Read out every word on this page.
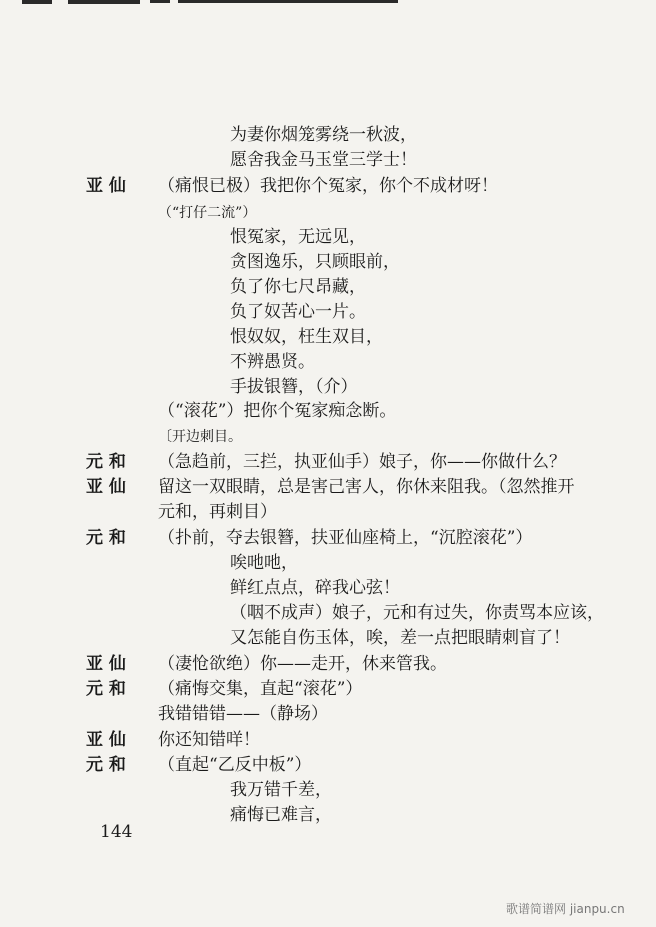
为妻你烟笼雾绕一秋波，
愿舍我金马玉堂三学士！
亚 仙 （痛恨已极）我把你个冤家，你个不成材呀！
（“打仔二流”）
恨冤家，无远见，
贪图逸乐，只顾眼前，
负了你七尺昂藏，
负了奴苦心一片。
恨奴奴，枉生双目，
不辨愚贤。
手拔银簪，（介）
（“滚花”）把你个冤家痴念断。
〔开边刺目。
元 和 （急趋前，三拦，执亚仙手）娘子，你——你做什么？
亚 仙 留这一双眼睛，总是害己害人，你休来阻我。（忽然推开
元和，再刺目）
元 和 （扑前，夺去银簪，扶亚仙座椅上，“沉腔滚花”）
唉吔吔，
鲜红点点，碎我心弦！
（咽不成声）娘子，元和有过失，你责骂本应该，
又怎能自伤玉体，唉，差一点把眼睛刺盲了！
亚 仙 （凄怆欲绝）你——走开，休来管我。
元 和 （痛悔交集，直起“滚花”）
我错错错——（静场）
亚 仙 你还知错咩！
元 和 （直起“乙反中板”）
我万错千差，
痛悔已难言，
144
歌谱简谱网 jianpu.cn
